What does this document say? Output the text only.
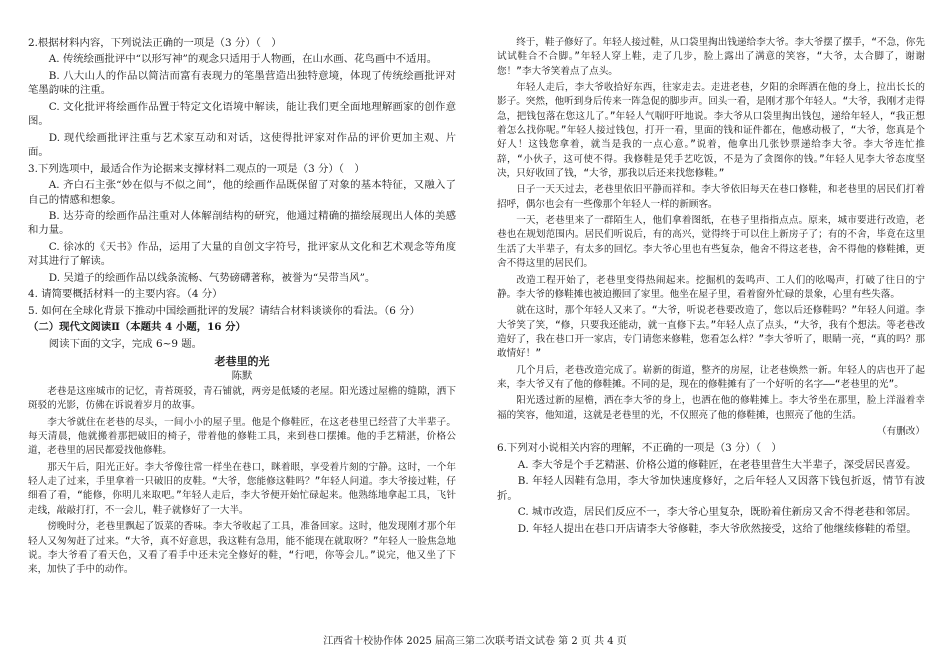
2.根据材料内容，下列说法正确的一项是（3 分）（　）

A. 传统绘画批评中“以形写神”的观念只适用于人物画，在山水画、花鸟画中不适用。

B. 八大山人的作品以简洁而富有表现力的笔墨营造出独特意境，体现了传统绘画批评对笔墨韵味的注重。

C. 文化批评将绘画作品置于特定文化语境中解读，能让我们更全面地理解画家的创作意图。

D. 现代绘画批评注重与艺术家互动和对话，这使得批评家对作品的评价更加主观、片面。

3.下列选项中，最适合作为论据来支撑材料二观点的一项是（3 分）（　）

A. 齐白石主张“妙在似与不似之间”，他的绘画作品既保留了对象的基本特征，又融入了自己的情感和想象。

B. 达芬奇的绘画作品注重对人体解剖结构的研究，他通过精确的描绘展现出人体的美感和力量。

C. 徐冰的《天书》作品，运用了大量的自创文字符号，批评家从文化和艺术观念等角度对其进行了解读。

D. 吴道子的绘画作品以线条流畅、气势磅礴著称，被誉为“吴带当风”。

4. 请简要概括材料一的主要内容。（4 分）

5. 如何在全球化背景下推动中国绘画批评的发展？请结合材料谈谈你的看法。（6 分）

（二）现代文阅读Ⅱ（本题共 4 小题，16 分）

阅读下面的文字，完成 6~9 题。

老巷里的光

陈默

老巷是这座城市的记忆，青苔斑驳，青石铺就，两旁是低矮的老屋。阳光透过屋檐的缝隙，洒下斑驳的光影，仿佛在诉说着岁月的故事。

李大爷就住在老巷的尽头，一间小小的屋子里。他是个修鞋匠，在这老巷里已经营了大半辈子。每天清晨，他就搬着那把破旧的椅子，带着他的修鞋工具，来到巷口摆摊。他的手艺精湛，价格公道，老巷里的居民都爱找他修鞋。

那天午后，阳光正好。李大爷像往常一样坐在巷口，眯着眼，享受着片刻的宁静。这时，一个年轻人走了过来，手里拿着一只破旧的皮鞋。“大爷，您能修这鞋吗？”年轻人问道。李大爷接过鞋，仔细看了看，“能修，你明儿来取吧。”年轻人走后，李大爷便开始忙碌起来。他熟练地拿起工具，飞针走线，敲敲打打，不一会儿，鞋子就修好了一大半。

傍晚时分，老巷里飘起了饭菜的香味。李大爷收起了工具，准备回家。这时，他发现刚才那个年轻人又匆匆赶了过来。“大爷，真不好意思，我这鞋有急用，能不能现在就取呀？”年轻人一脸焦急地说。李大爷看了看天色，又看了看手中还未完全修好的鞋，“行吧，你等会儿。”说完，他又坐了下来，加快了手中的动作。

终于，鞋子修好了。年轻人接过鞋，从口袋里掏出钱递给李大爷。李大爷摆了摆手，“不急，你先试试鞋合不合脚。”年轻人穿上鞋，走了几步，脸上露出了满意的笑容，“大爷，太合脚了，谢谢您！”李大爷笑着点了点头。

年轻人走后，李大爷收拾好东西，往家走去。走进老巷，夕阳的余晖洒在他的身上，拉出长长的影子。突然，他听到身后传来一阵急促的脚步声。回头一看，是刚才那个年轻人。“大爷，我刚才走得急，把钱包落在您这儿了。”年轻人气喘吁吁地说。李大爷从口袋里掏出钱包，递给年轻人，“我正想着怎么找你呢。”年轻人接过钱包，打开一看，里面的钱和证件都在，他感动极了，“大爷，您真是个好人！这钱您拿着，就当是我的一点心意。”说着，他拿出几张钞票递给李大爷。李大爷连忙推辞，“小伙子，这可使不得。我修鞋是凭手艺吃饭，不是为了贪图你的钱。”年轻人见李大爷态度坚决，只好收回了钱，“大爷，那我以后还来找您修鞋。”

日子一天天过去，老巷里依旧平静而祥和。李大爷依旧每天在巷口修鞋，和老巷里的居民们打着招呼，偶尔也会有一些像那个年轻人一样的新顾客。

一天，老巷里来了一群陌生人，他们拿着图纸，在巷子里指指点点。原来，城市要进行改造，老巷也在规划范围内。居民们听说后，有的高兴，觉得终于可以住上新房子了；有的不舍，毕竟在这里生活了大半辈子，有太多的回忆。李大爷心里也有些复杂，他舍不得这老巷，舍不得他的修鞋摊，更舍不得这里的居民们。

改造工程开始了，老巷里变得热闹起来。挖掘机的轰鸣声、工人们的吆喝声，打破了往日的宁静。李大爷的修鞋摊也被迫搬回了家里。他坐在屋子里，看着窗外忙碌的景象，心里有些失落。

就在这时，那个年轻人又来了。“大爷，听说老巷要改造了，您以后还修鞋吗？”年轻人问道。李大爷笑了笑，“修，只要我还能动，就一直修下去。”年轻人点了点头，“大爷，我有个想法。等老巷改造好了，我在巷口开一家店，专门请您来修鞋，您看怎么样？”李大爷听了，眼睛一亮，“真的吗？那敢情好！”

几个月后，老巷改造完成了。崭新的街道，整齐的房屋，让老巷焕然一新。年轻人的店也开了起来，李大爷又有了他的修鞋摊。不同的是，现在的修鞋摊有了一个好听的名字——“老巷里的光”。

阳光透过新的屋檐，洒在李大爷的身上，也洒在他的修鞋摊上。李大爷坐在那里，脸上洋溢着幸福的笑容，他知道，这就是老巷里的光，不仅照亮了他的修鞋摊，也照亮了他的生活。

（有删改）

6.下列对小说相关内容的理解，不正确的一项是（3 分）（　）

A. 李大爷是个手艺精湛、价格公道的修鞋匠，在老巷里营生大半辈子，深受居民喜爱。

B. 年轻人因鞋有急用，李大爷加快速度修好，之后年轻人又因落下钱包折返，情节有波折。

C. 城市改造，居民们反应不一，李大爷心里复杂，既盼着住新房又舍不得老巷和邻居。

D. 年轻人提出在巷口开店请李大爷修鞋，李大爷欣然接受，这给了他继续修鞋的希望。

江西省十校协作体 2025 届高三第二次联考语文试卷 第 2 页 共 4 页
